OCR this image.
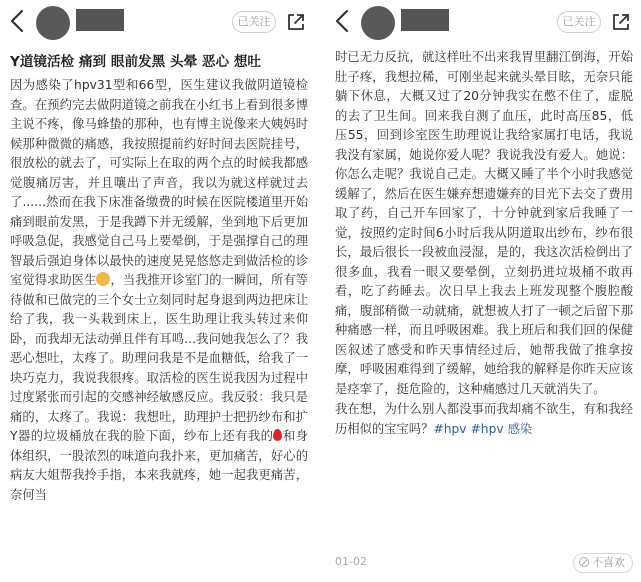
已关注
Y道镜活检 痛到 眼前发黑 头晕 恶心 想吐
因为感染了hpv31型和66型，医生建议我做阴道镜检查。在预约完去做阴道镜之前我在小红书上看到很多博主说不疼，像马蜂蛰的那种，也有博主说像来大姨妈时候那种微微的痛感，我按照提前约好时间去医院挂号，很放松的就去了，可实际上在取的两个点的时候我都感觉腹痛厉害，并且嚷出了声音，我以为就这样就过去了......然而在我下床准备缴费的时候在医院楼道里开始痛到眼前发黑，于是我蹲下并无缓解，坐到地下后更加呼吸急促，我感觉自己马上要晕倒，于是强撑自己的理智最后强迫身体以最快的速度晃晃悠悠走到做活检的诊室觉得求助医生 ，当我推开诊室门的一瞬间，所有等待做和已做完的三个女士立刻同时起身退到两边把床让给了我，我一头栽到床上，医生助理让我头转过来仰卧，而我却无法动弹且伴有耳鸣...我问她我怎么了？我恶心想吐，太疼了。助理问我是不是血糖低，给我了一块巧克力，我说我很疼。取活检的医生说我因为过程中过度紧张而引起的交感神经敏感反应。我反驳：我只是痛的，太疼了。我说：我想吐，助理护士把扔纱布和扩Y器的垃圾桶放在我的脸下面，纱布上还有我的 和身体组织，一股浓烈的味道向我扑来，更加痛苦，好心的病友大姐帮我拎手指，本来我就疼，她一起我更痛苦，奈何当
已关注
时已无力反抗，就这样吐不出来我胃里翻江倒海，开始肚子疼，我想拉稀，可刚坐起来就头晕目眩，无奈只能躺下休息，大概又过了20分钟我实在憋不住了，虚脱的去了卫生间。回来我自测了血压，此时高压85，低压55，回到诊室医生助理说让我给家属打电话，我说我没有家属，她说你爱人呢？我说我没有爱人。她说：你怎么走呢？我说自己走。大概又睡了半个小时我感觉缓解了，然后在医生嫌弃想遗嫌弃的目光下去交了费用取了药，自己开车回家了，十分钟就到家后我睡了一觉，按照约定时间6小时后我从阴道取出纱布，纱布很长，最后很长一段被血浸湿，是的，我这次活检倒出了很多血，我看一眼又要晕倒，立刻扔进垃圾桶不敢再看，吃了药睡去。次日早上我去上班发现整个腹腔酸痛，腹部稍微一动就痛，就想被人打了一顿之后留下那种痛感一样，而且呼吸困难。我上班后和我们回的保健医叙述了感受和昨天事情经过后，她帮我做了推拿按摩，呼吸困难得到了缓解，她给我的解释是你昨天应该是痉挛了，挺危险的，这种痛感过几天就消失了。
我在想，为什么别人都没事而我却痛不欲生，有和我经历相似的宝宝吗？#hpv #hpv 感染
01-02	不喜欢
